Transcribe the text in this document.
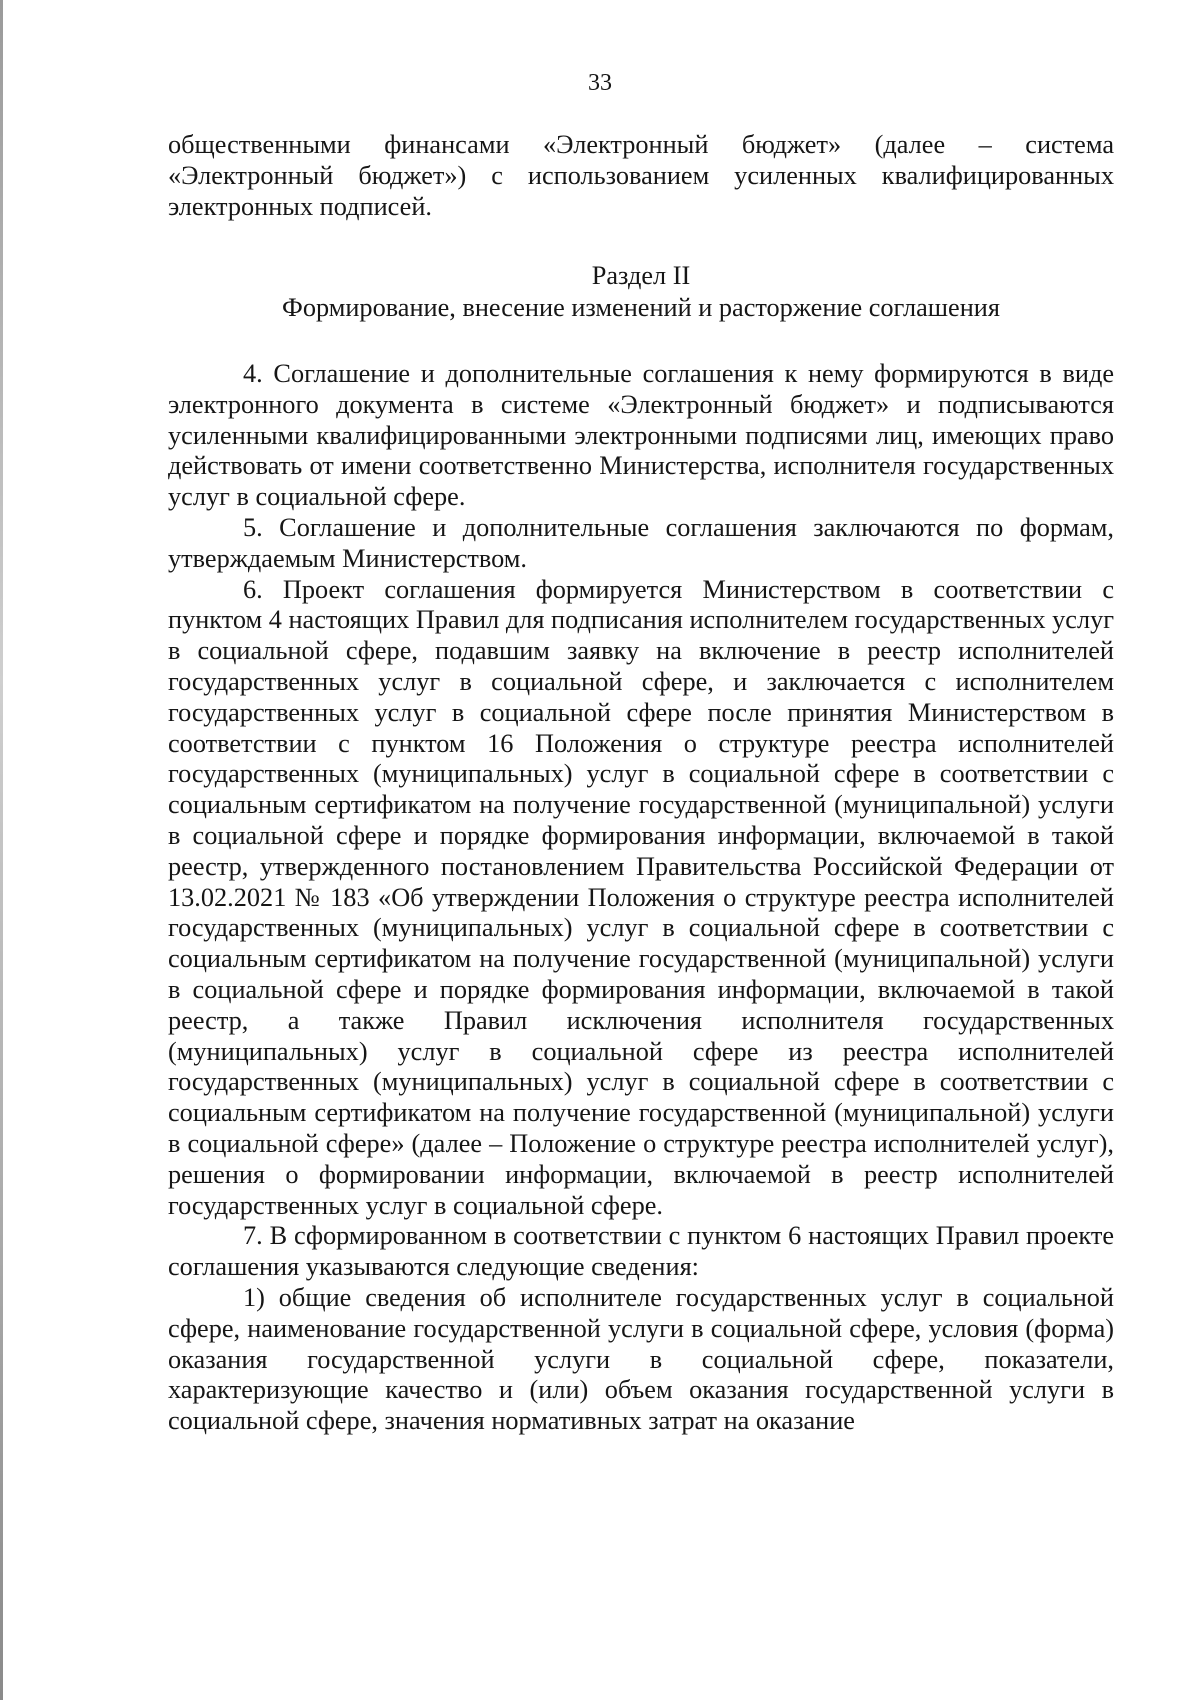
33

общественными финансами «Электронный бюджет» (далее – система «Электронный бюджет») с использованием усиленных квалифицированных электронных подписей.

Раздел II
Формирование, внесение изменений и расторжение соглашения

4. Соглашение и дополнительные соглашения к нему формируются в виде электронного документа в системе «Электронный бюджет» и подписываются усиленными квалифицированными электронными подписями лиц, имеющих право действовать от имени соответственно Министерства, исполнителя государственных услуг в социальной сфере.

5. Соглашение и дополнительные соглашения заключаются по формам, утверждаемым Министерством.

6. Проект соглашения формируется Министерством в соответствии с пунктом 4 настоящих Правил для подписания исполнителем государственных услуг в социальной сфере, подавшим заявку на включение в реестр исполнителей государственных услуг в социальной сфере, и заключается с исполнителем государственных услуг в социальной сфере после принятия Министерством в соответствии с пунктом 16 Положения о структуре реестра исполнителей государственных (муниципальных) услуг в социальной сфере в соответствии с социальным сертификатом на получение государственной (муниципальной) услуги в социальной сфере и порядке формирования информации, включаемой в такой реестр, утвержденного постановлением Правительства Российской Федерации от 13.02.2021 № 183 «Об утверждении Положения о структуре реестра исполнителей государственных (муниципальных) услуг в социальной сфере в соответствии с социальным сертификатом на получение государственной (муниципальной) услуги в социальной сфере и порядке формирования информации, включаемой в такой реестр, а также Правил исключения исполнителя государственных (муниципальных) услуг в социальной сфере из реестра исполнителей государственных (муниципальных) услуг в социальной сфере в соответствии с социальным сертификатом на получение государственной (муниципальной) услуги в социальной сфере» (далее – Положение о структуре реестра исполнителей услуг), решения о формировании информации, включаемой в реестр исполнителей государственных услуг в социальной сфере.

7. В сформированном в соответствии с пунктом 6 настоящих Правил проекте соглашения указываются следующие сведения:

1) общие сведения об исполнителе государственных услуг в социальной сфере, наименование государственной услуги в социальной сфере, условия (форма) оказания государственной услуги в социальной сфере, показатели, характеризующие качество и (или) объем оказания государственной услуги в социальной сфере, значения нормативных затрат на оказание
